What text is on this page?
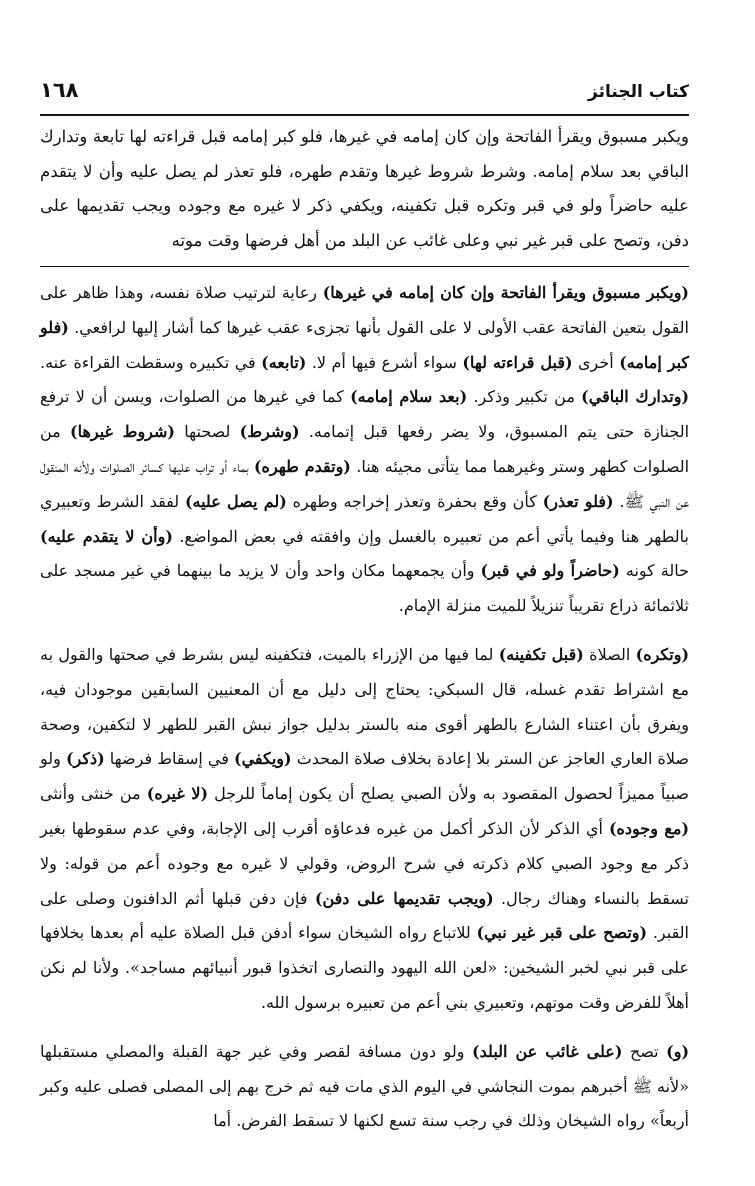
كتاب الجنائز
١٦٨
ويكبر مسبوق ويقرأ الفاتحة وإن كان إمامه في غيرها، فلو كبر إمامه قبل قراءته لها تابعة وتدارك الباقي بعد سلام إمامه. وشرط شروط غيرها وتقدم طهره، فلو تعذر لم يصل عليه وأن لا يتقدم عليه حاضراً ولو في قبر وتكره قبل تكفينه، ويكفي ذكر لا غيره مع وجوده ويجب تقديمها على دفن، وتصح على قبر غير نبي وعلى غائب عن البلد من أهل فرضها وقت موته

(ويكبر مسبوق ويقرأ الفاتحة وإن كان إمامه في غيرها) رعاية لترتيب صلاة نفسه، وهذا ظاهر على القول بتعين الفاتحة عقب الأولى لا على القول بأنها تجزىء عقب غيرها كما أشار إليها لرافعي. (فلو كبر إمامه) أخرى (قبل قراءته لها) سواء أشرع فيها أم لا. (تابعه) في تكبيره وسقطت القراءة عنه. (وتدارك الباقي) من تكبير وذكر. (بعد سلام إمامه) كما في غيرها من الصلوات، ويسن أن لا ترفع الجنازة حتى يتم المسبوق، ولا يضر رفعها قبل إتمامه. (وشرط) لصحتها (شروط غيرها) من الصلوات كطهر وستر وغيرهما مما يتأتى مجيئه هنا. (وتقدم طهره) بماء أو تراب عليها كسائر الصلوات ولأنه المنقول عن النبي ﷺ. (فلو تعذر) كأن وقع بحفرة وتعذر إخراجه وطهره (لم يصل عليه) لفقد الشرط وتعبيري بالطهر هنا وفيما يأتي أعم من تعبيره بالغسل وإن وافقته في بعض المواضع. (وأن لا يتقدم عليه) حالة كونه (حاضراً ولو في قبر) وأن يجمعهما مكان واحد وأن لا يزيد ما بينهما في غير مسجد على ثلاثمائة ذراع تقريباً تنزيلاً للميت منزلة الإمام.

(وتكره) الصلاة (قبل تكفينه) لما فيها من الإزراء بالميت، فتكفينه ليس بشرط في صحتها والقول به مع اشتراط تقدم غسله، قال السبكي: يحتاج إلى دليل مع أن المعنيين السابقين موجودان فيه، ويفرق بأن اعتناء الشارع بالطهر أقوى منه بالستر بدليل جواز نبش القبر للطهر لا لتكفين، وصحة صلاة العاري العاجز عن الستر بلا إعادة بخلاف صلاة المحدث (ويكفي) في إسقاط فرضها (ذكر) ولو صبياً مميزاً لحصول المقصود به ولأن الصبي يصلح أن يكون إماماً للرجل (لا غيره) من خنثى وأنثى (مع وجوده) أي الذكر لأن الذكر أكمل من غيره فدعاؤه أقرب إلى الإجابة، وفي عدم سقوطها بغير ذكر مع وجود الصبي كلام ذكرته في شرح الروض، وقولي لا غيره مع وجوده أعم من قوله: ولا تسقط بالنساء وهناك رجال. (ويجب تقديمها على دفن) فإن دفن قبلها أثم الدافنون وصلى على القبر. (وتصح على قبر غير نبي) للاتباع رواه الشيخان سواء أدفن قبل الصلاة عليه أم بعدها بخلافها على قبر نبي لخبر الشيخين: «لعن الله اليهود والنصارى اتخذوا قبور أنبيائهم مساجد». ولأنا لم نكن أهلاً للفرض وقت موتهم، وتعبيري بني أعم من تعبيره برسول الله.

(و) تصح (على غائب عن البلد) ولو دون مسافة لقصر وفي غير جهة القبلة والمصلي مستقبلها «لأنه ﷺ أخبرهم بموت النجاشي في اليوم الذي مات فيه ثم خرج بهم إلى المصلى فصلى عليه وكبر أربعاً» رواه الشيخان وذلك في رجب سنة تسع لكنها لا تسقط الفرض. أما
